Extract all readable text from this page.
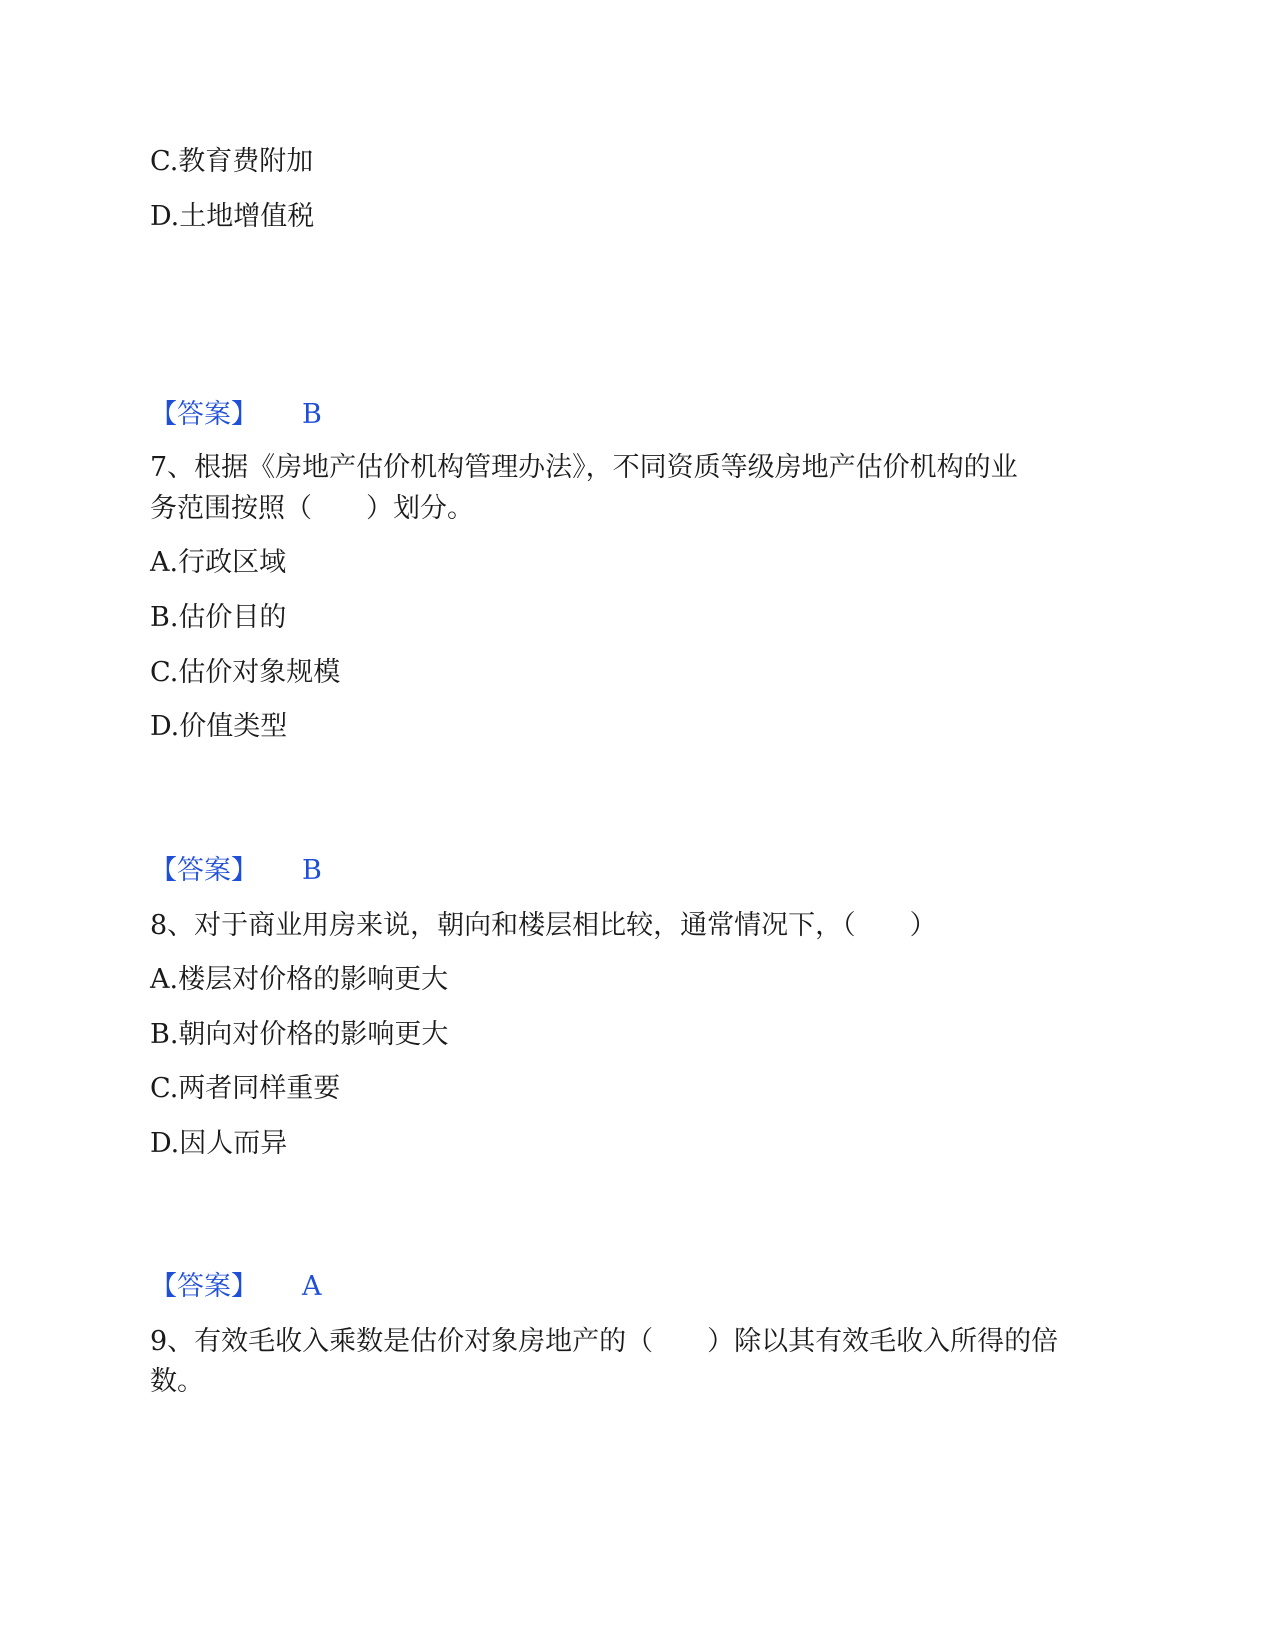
C.教育费附加
D.土地增值税
【答案】 B
7、根据《房地产估价机构管理办法》，不同资质等级房地产估价机构的业
务范围按照（　　）划分。
A.行政区域
B.估价目的
C.估价对象规模
D.价值类型
【答案】 B
8、对于商业用房来说，朝向和楼层相比较，通常情况下，（　　）
A.楼层对价格的影响更大
B.朝向对价格的影响更大
C.两者同样重要
D.因人而异
【答案】 A
9、有效毛收入乘数是估价对象房地产的（　　）除以其有效毛收入所得的倍
数。
